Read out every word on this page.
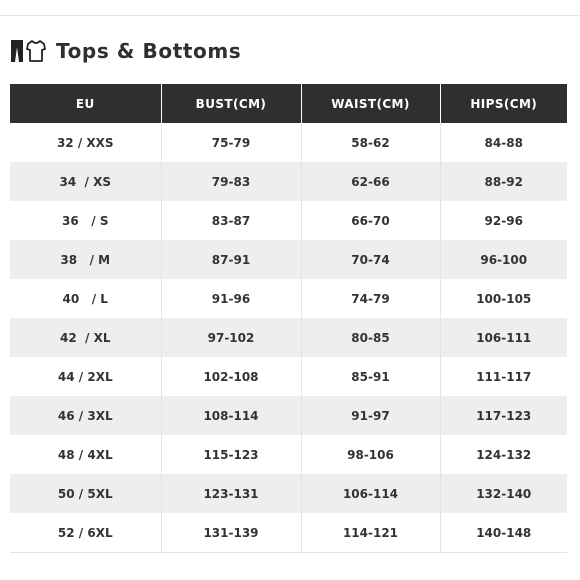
Tops & Bottoms
EU	BUST(CM)	WAIST(CM)	HIPS(CM)
32 / XXS	75-79	58-62	84-88
34  / XS	79-83	62-66	88-92
36   / S	83-87	66-70	92-96
38   / M	87-91	70-74	96-100
40   / L	91-96	74-79	100-105
42  / XL	97-102	80-85	106-111
44 / 2XL	102-108	85-91	111-117
46 / 3XL	108-114	91-97	117-123
48 / 4XL	115-123	98-106	124-132
50 / 5XL	123-131	106-114	132-140
52 / 6XL	131-139	114-121	140-148
